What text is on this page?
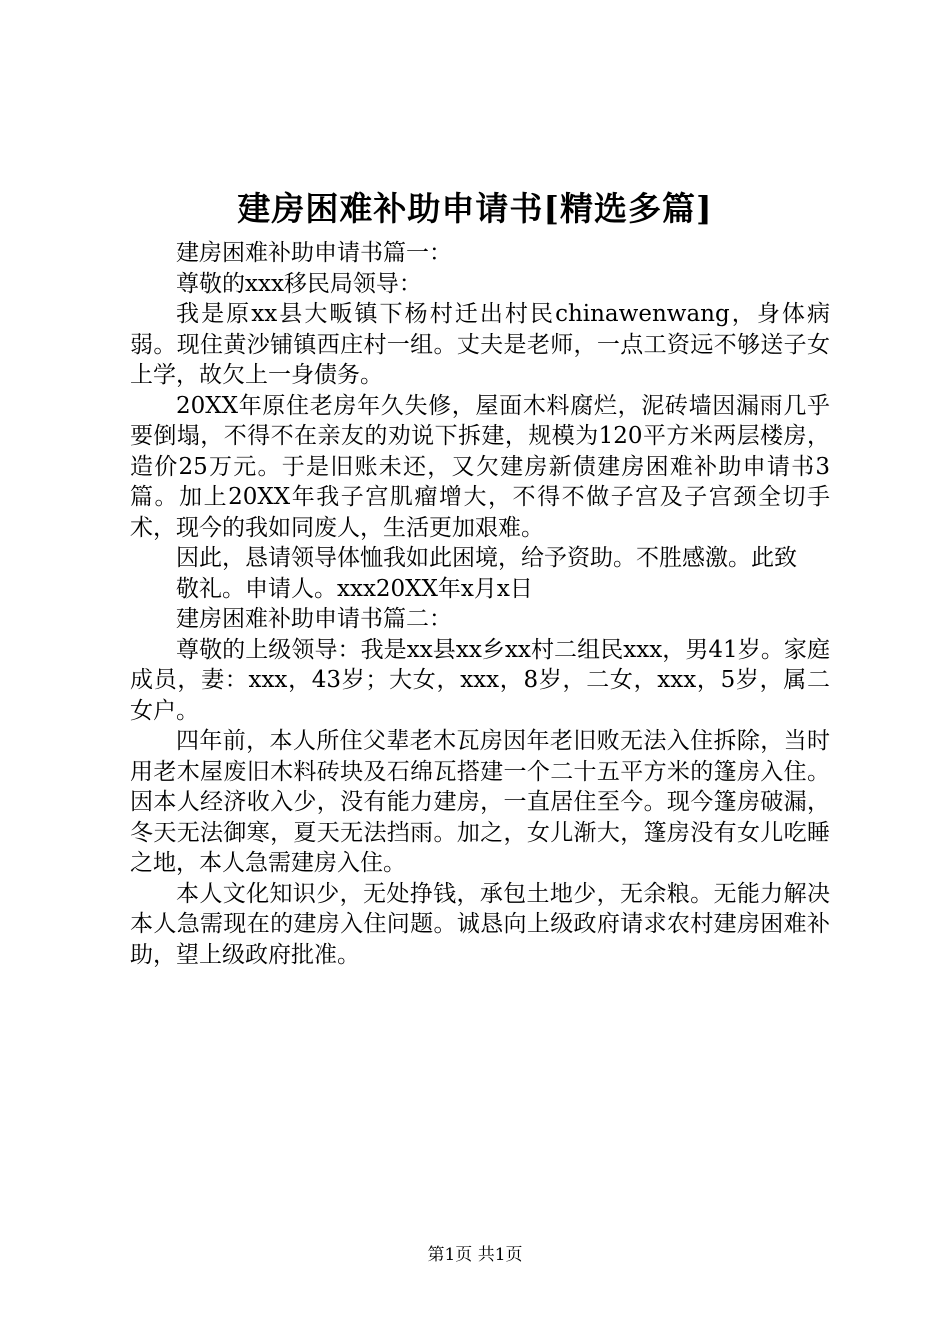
建房困难补助申请书[精选多篇]

建房困难补助申请书篇一：

尊敬的xxx移民局领导：

我是原xx县大畈镇下杨村迁出村民chinawenwang，身体病弱。现住黄沙铺镇西庄村一组。丈夫是老师，一点工资远不够送子女上学，故欠上一身债务。

20XX年原住老房年久失修，屋面木料腐烂，泥砖墙因漏雨几乎要倒塌，不得不在亲友的劝说下拆建，规模为120平方米两层楼房，造价25万元。于是旧账未还，又欠建房新债建房困难补助申请书3篇。加上20XX年我子宫肌瘤增大，不得不做子宫及子宫颈全切手术，现今的我如同废人，生活更加艰难。

因此，恳请领导体恤我如此困境，给予资助。不胜感激。此致

敬礼。申请人。xxx20XX年x月x日

建房困难补助申请书篇二：

尊敬的上级领导：我是xx县xx乡xx村二组民xxx，男41岁。家庭成员，妻：xxx，43岁；大女，xxx，8岁，二女，xxx，5岁，属二女户。

四年前，本人所住父辈老木瓦房因年老旧败无法入住拆除，当时用老木屋废旧木料砖块及石绵瓦搭建一个二十五平方米的篷房入住。因本人经济收入少，没有能力建房，一直居住至今。现今篷房破漏，冬天无法御寒，夏天无法挡雨。加之，女儿渐大，篷房没有女儿吃睡之地，本人急需建房入住。

本人文化知识少，无处挣钱，承包土地少，无余粮。无能力解决本人急需现在的建房入住问题。诚恳向上级政府请求农村建房困难补助，望上级政府批准。

第1页 共1页
